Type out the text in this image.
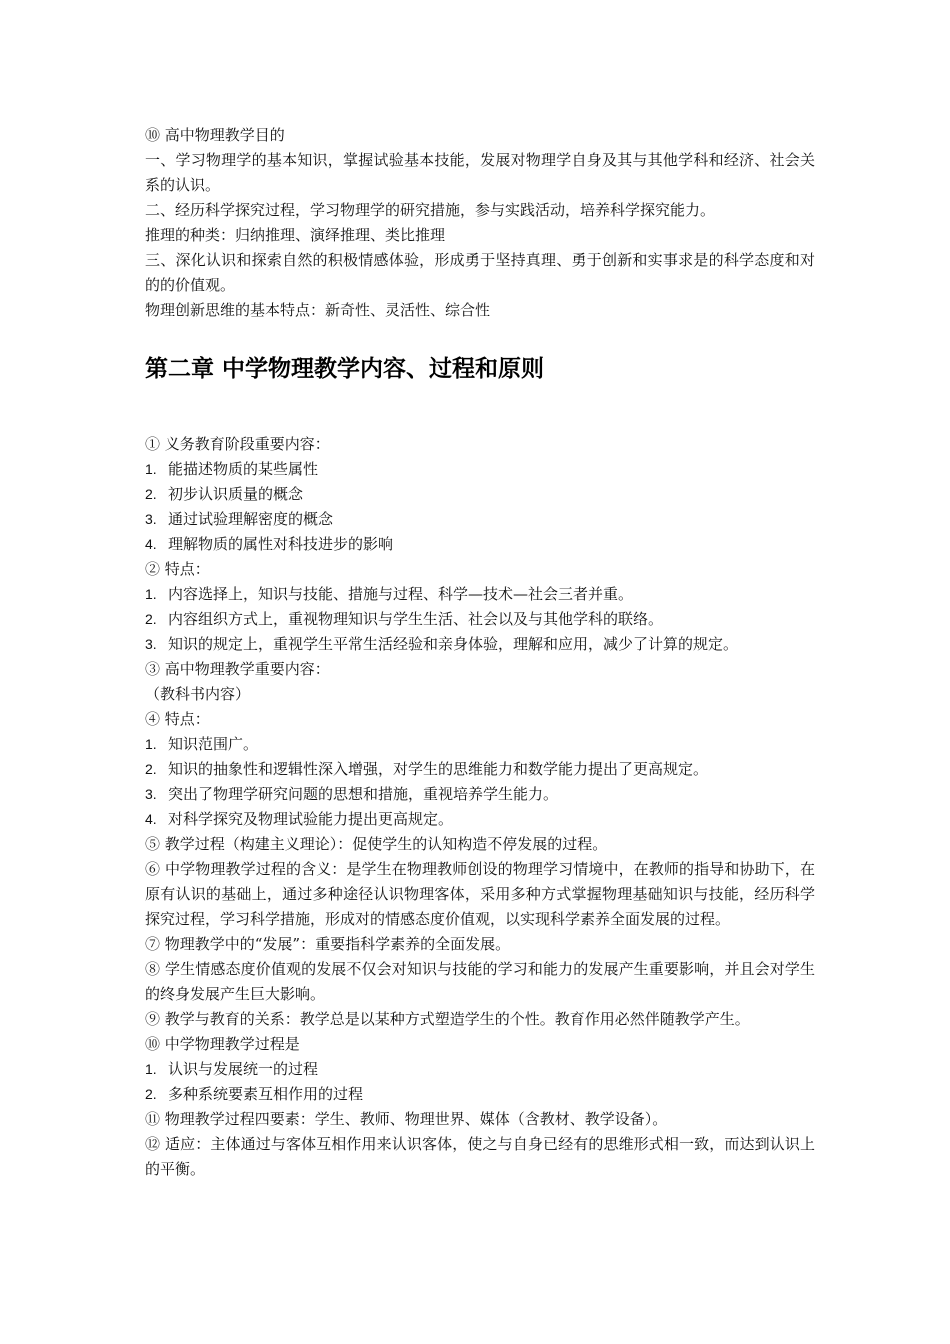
⑩ 高中物理教学目的
一、学习物理学的基本知识，掌握试验基本技能，发展对物理学自身及其与其他学科和经济、社会关系的认识。
二、经历科学探究过程，学习物理学的研究措施，参与实践活动，培养科学探究能力。
推理的种类：归纳推理、演绎推理、类比推理
三、深化认识和探索自然的积极情感体验，形成勇于坚持真理、勇于创新和实事求是的科学态度和对的的价值观。
物理创新思维的基本特点：新奇性、灵活性、综合性
第二章 中学物理教学内容、过程和原则
① 义务教育阶段重要内容：
1. 能描述物质的某些属性
2. 初步认识质量的概念
3. 通过试验理解密度的概念
4. 理解物质的属性对科技进步的影响
② 特点：
1. 内容选择上，知识与技能、措施与过程、科学—技术—社会三者并重。
2. 内容组织方式上，重视物理知识与学生生活、社会以及与其他学科的联络。
3. 知识的规定上，重视学生平常生活经验和亲身体验，理解和应用，减少了计算的规定。
③ 高中物理教学重要内容：
（教科书内容）
④ 特点：
1. 知识范围广。
2. 知识的抽象性和逻辑性深入增强，对学生的思维能力和数学能力提出了更高规定。
3. 突出了物理学研究问题的思想和措施，重视培养学生能力。
4. 对科学探究及物理试验能力提出更高规定。
⑤ 教学过程（构建主义理论）：促使学生的认知构造不停发展的过程。
⑥ 中学物理教学过程的含义：是学生在物理教师创设的物理学习情境中，在教师的指导和协助下，在原有认识的基础上，通过多种途径认识物理客体，采用多种方式掌握物理基础知识与技能，经历科学探究过程，学习科学措施，形成对的情感态度价值观，以实现科学素养全面发展的过程。
⑦ 物理教学中的“发展”：重要指科学素养的全面发展。
⑧ 学生情感态度价值观的发展不仅会对知识与技能的学习和能力的发展产生重要影响，并且会对学生的终身发展产生巨大影响。
⑨ 教学与教育的关系：教学总是以某种方式塑造学生的个性。教育作用必然伴随教学产生。
⑩ 中学物理教学过程是
1. 认识与发展统一的过程
2. 多种系统要素互相作用的过程
⑪ 物理教学过程四要素：学生、教师、物理世界、媒体（含教材、教学设备）。
⑫ 适应：主体通过与客体互相作用来认识客体，使之与自身已经有的思维形式相一致，而达到认识上的平衡。
